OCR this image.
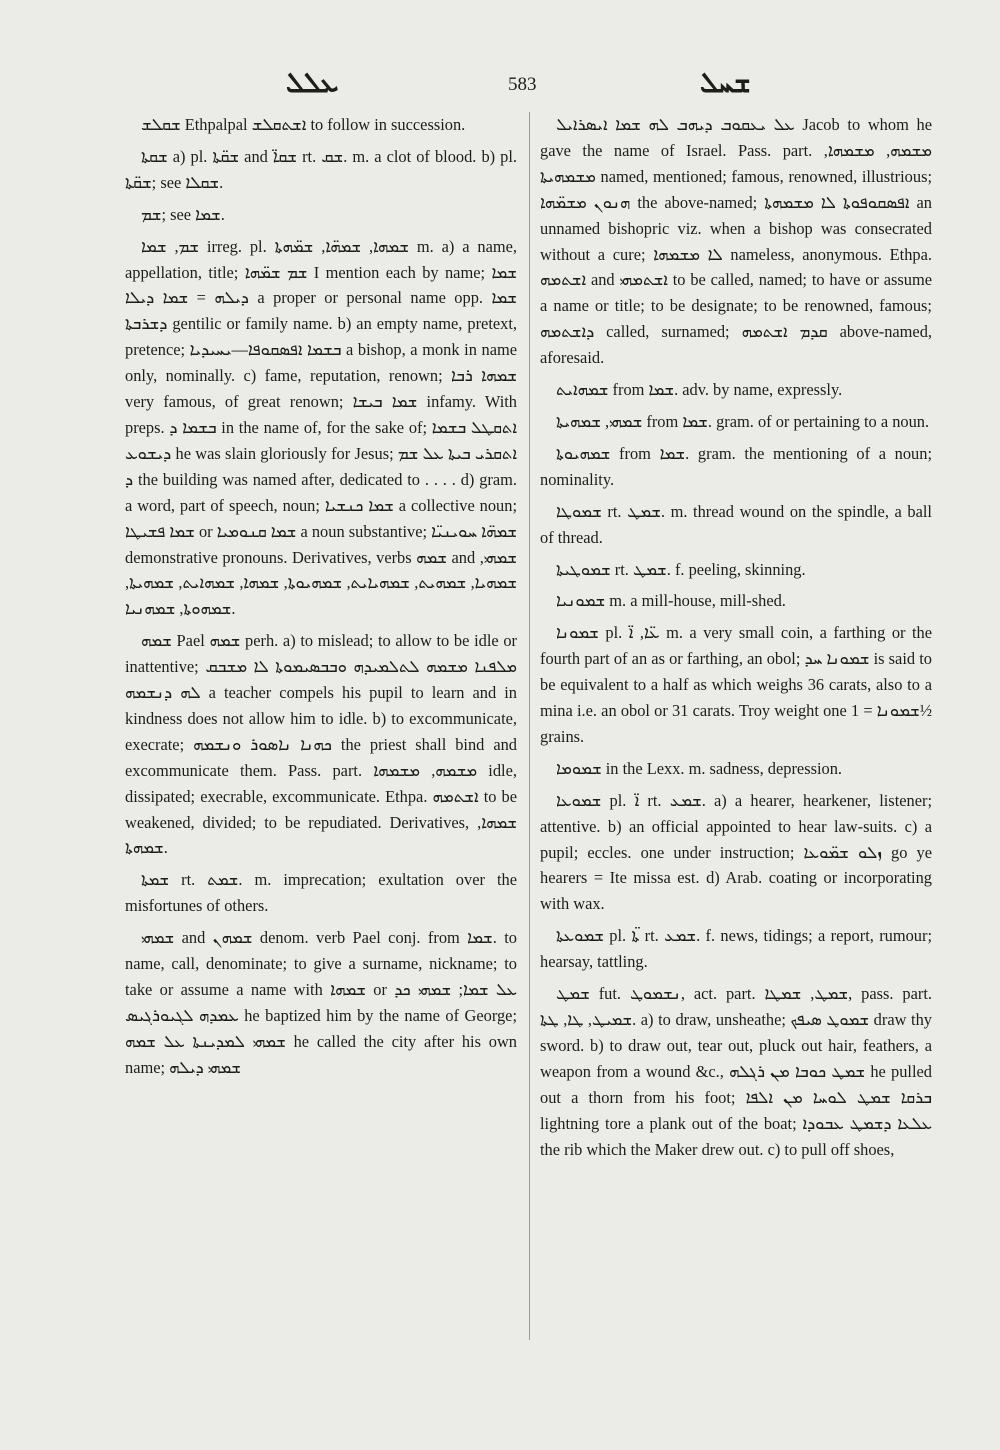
ܥܠܠ	583	ܫܚܠ

ܫܩܠܫ Ethpalpal ܐܫܬܩܠܫ to follow in succession.

ܫܩܬܐ a) pl. ܫܩ̈ܬܐ and ܫܩܐ̈ rt. ܫܩ. m. a clot of blood. b) pl. ܫܩ̈ܬܐ; see ܫܩܠܐ.

ܫܡ; see ܫܡܐ.

ܫܡ, ܫܡܐ irreg. pl. ܫܡܗܐ, ܫܡܗ̈ܐ, ܫܡ̈ܗܬܐ m. a) a name, appellation, title; ܫܡ ܫܡ̈ܗܐ I mention each by name; ܫܡܐ ܕܝܠܗ = ܫܡܐ ܕܝܠܐ a proper or personal name opp. ܫܡܐ ܕܫܪܒܬܐ gentilic or family name. b) an empty name, pretext, pretence; ܒܫܡܐ ܐܦܣܩܘܦܐ—ܝܚܝܕܝܐ a bishop, a monk in name only, nominally. c) fame, reputation, renown; ܫܡܗܐ ܪܒܐ very famous, of great renown; ܫܡܐ ܒܝܫܐ infamy. With preps. ܒܫܡܐ ܕ in the name of, for the sake of; ܐܬܩܛܠ ܒܫܡܐ ܕܝܫܘܥ he was slain gloriously for Jesus; ܐܬܩܪܝ ܒܝܬܐ ܥܠ ܫܡ ܕ the building was named after, dedicated to . . . . d) gram. a word, part of speech, noun; ܫܡܐ ܟܢܫܝܐ a collective noun; ܫܡܐ ܦܫܝܛܐ or ܫܡܐ ܩܢܘܡܝܐ a noun substantive; ܫܡܗ̈ܐ ܚܘܝܢܝ̈ܐ demonstrative pronouns. Derivatives, verbs ܫܡܗ and ܫܡܗܝ, ܫܡܗܝܐ, ܫܡܗܝܬ, ܫܡܗܝܐܝܬ, ܫܡܗܝܘܬܐ, ܫܡܗܐ, ܫܡܗܐܝܬ, ܫܡܗܝܬܐ, ܫܡܗܘܬܐ, ܫܡܗܢܝܐ.

ܫܡܗ Pael ܫܡܗ perh. a) to mislead; to allow to be idle or inattentive; ܡܠܦܢܐ ܡܫܡܗ ܠܬܠܡܝܕܗ ܘܒܒܣܝܡܘܬܐ ܠܐ ܡܫܒܩ ܠܗ ܕܢܫܡܗ a teacher compels his pupil to learn and in kindness does not allow him to idle. b) to excommunicate, execrate; ܟܗܢܐ ܢܐܣܘܪ ܘܢܫܡܗ the priest shall bind and excommunicate them. Pass. part. ܡܫܡܗ, ܡܫܡܗܐ idle, dissipated; execrable, excommunicate. Ethpa. ܐܫܬܡܗ to be weakened, divided; to be repudiated. Derivatives, ܫܡܗܐ, ܫܡܗܬܐ.

ܫܡܬܐ rt. ܫܡܬ. m. imprecation; exultation over the misfortunes of others.

ܫܡܗܝ and ܫܡܗܢ denom. verb Pael conj. from ܫܡܐ. to name, call, denominate; to give a surname, nickname; to take or assume a name with ܫܡܗܐ or ܥܠ ܫܡܐ; ܫܡܗܝ ܟܕ ܥܡܕܗ ܠܓܝܘܪܓܝܣ he baptized him by the name of George; ܫܡܗܝ ܠܡܕܝܢܬܐ ܥܠ ܫܡܗ he called the city after his own name; ܫܡܗܝ ܕܝܠܗ

ܥܠ ܝܥܩܘܒ ܕܝܗܒ ܠܗ ܫܡܐ ܐܝܣܪܐܝܠ Jacob to whom he gave the name of Israel. Pass. part. ܡܫܡܗ, ܡܫܡܗܐ, ܡܫܡܗܝܬܐ named, mentioned; famous, renowned, illustrious; ܗܢܘܢ ܡܫܡ̈ܗܐ the above-named; ܐܦܣܩܘܦܘܬܐ ܠܐ ܡܫܡܗܬܐ an unnamed bishopric viz. when a bishop was consecrated without a cure; ܠܐ ܡܫܡܗܐ nameless, anonymous. Ethpa. ܐܫܬܡܗ and ܐܫܬܡܗܝ to be called, named; to have or assume a name or title; to be designate; to be renowned, famous; ܕܐܫܬܡܗ called, surnamed; ܩܕܡ ܐܫܬܡܗ above-named, aforesaid.

ܫܡܗܐܝܬ from ܫܡܐ. adv. by name, expressly.

ܫܡܗܝ, ܫܡܗܝܬܐ from ܫܡܐ. gram. of or pertaining to a noun.

ܫܡܗܝܘܬܐ from ܫܡܐ. gram. the mentioning of a noun; nominality.

ܫܡܘܛܐ rt. ܫܡܛ. m. thread wound on the spindle, a ball of thread.

ܫܡܘܛܝܬܐ rt. ܫܡܛ. f. peeling, skinning.

ܫܡܘܢܝܐ m. a mill-house, mill-shed.

ܫܡܘܢܐ pl. ܥ̈ܐ, ܐ̈ m. a very small coin, a farthing or the fourth part of an as or farthing, an obol; ܫܡܘܢܐ ܚܕ is said to be equivalent to a half as which weighs 36 carats, also to a mina i.e. an obol or 31 carats. Troy weight one ܫܡܘܢܐ = 1½ grains.

ܫܡܘܡܐ in the Lexx. m. sadness, depression.

ܫܡܘܥܐ pl. ܐ̈ rt. ܫܡܥ. a) a hearer, hearkener, listener; attentive. b) an official appointed to hear law-suits. c) a pupil; eccles. one under instruction; ܙܠܘ ܫܡ̈ܘܥܐ go ye hearers = Ite missa est. d) Arab. coating or incorporating with wax.

ܫܡܘܥܬܐ pl. ܬ̈ܐ rt. ܫܡܥ. f. news, tidings; a report, rumour; hearsay, tattling.

ܫܡܛ fut. ܢܫܡܘܛ, act. part. ܫܡܛ, ܫܡܛܐ, pass. part. ܫܡܝܛ, ܛܐ, ܛܬܐ. a) to draw, unsheathe; ܫܡܘܛ ܣܝܦܟ draw thy sword. b) to draw out, tear out, pluck out hair, feathers, a weapon from a wound &c., ܫܡܛ ܟܘܒܐ ܡܢ ܪܓܠܗ he pulled out a thorn from his foot; ܒܪܩܐ ܫܡܛ ܠܘܚܐ ܡܢ ܐܠܦܐ lightning tore a plank out of the boat; ܥܠܥܐ ܕܫܡܛ ܥܒܘܕܐ the rib which the Maker drew out. c) to pull off shoes,
